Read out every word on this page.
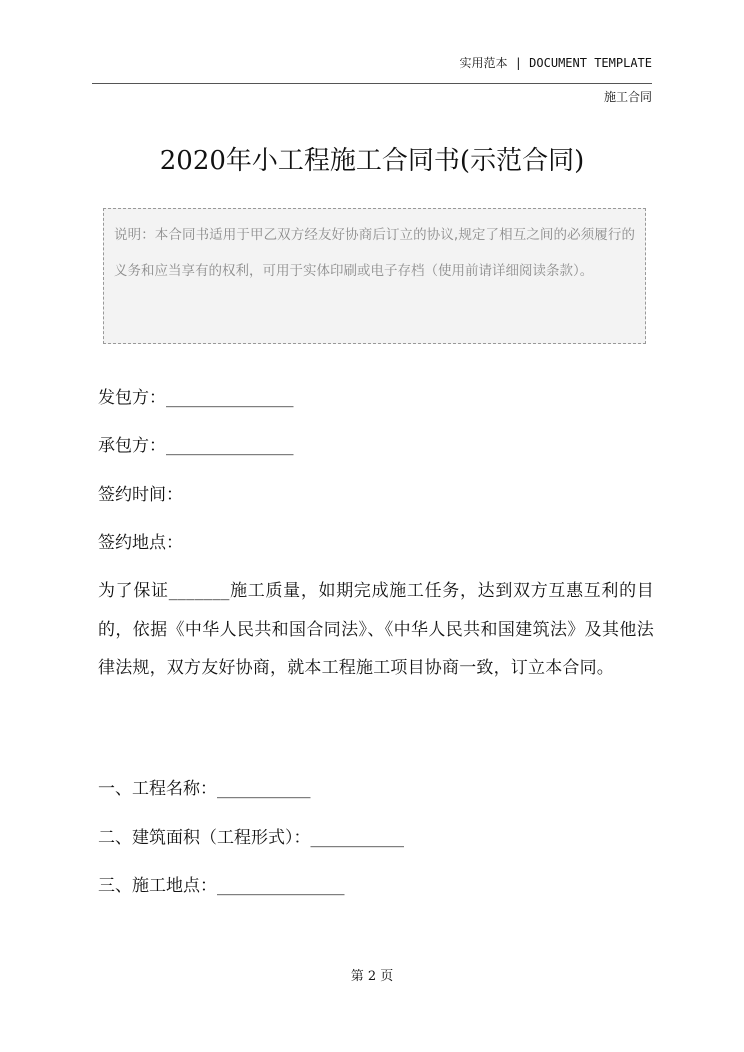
实用范本 | DOCUMENT TEMPLATE
施工合同
2020年小工程施工合同书(示范合同)
说明：本合同书适用于甲乙双方经友好协商后订立的协议,规定了相互之间的必须履行的义务和应当享有的权利，可用于实体印刷或电子存档（使用前请详细阅读条款）。
发包方：_______________
承包方：_______________
签约时间：
签约地点：
为了保证_______施工质量，如期完成施工任务，达到双方互惠互利的目的，依据《中华人民共和国合同法》、《中华人民共和国建筑法》及其他法律法规，双方友好协商，就本工程施工项目协商一致，订立本合同。
一、工程名称：___________
二、建筑面积（工程形式）：___________
三、施工地点：_______________
第 2 页
